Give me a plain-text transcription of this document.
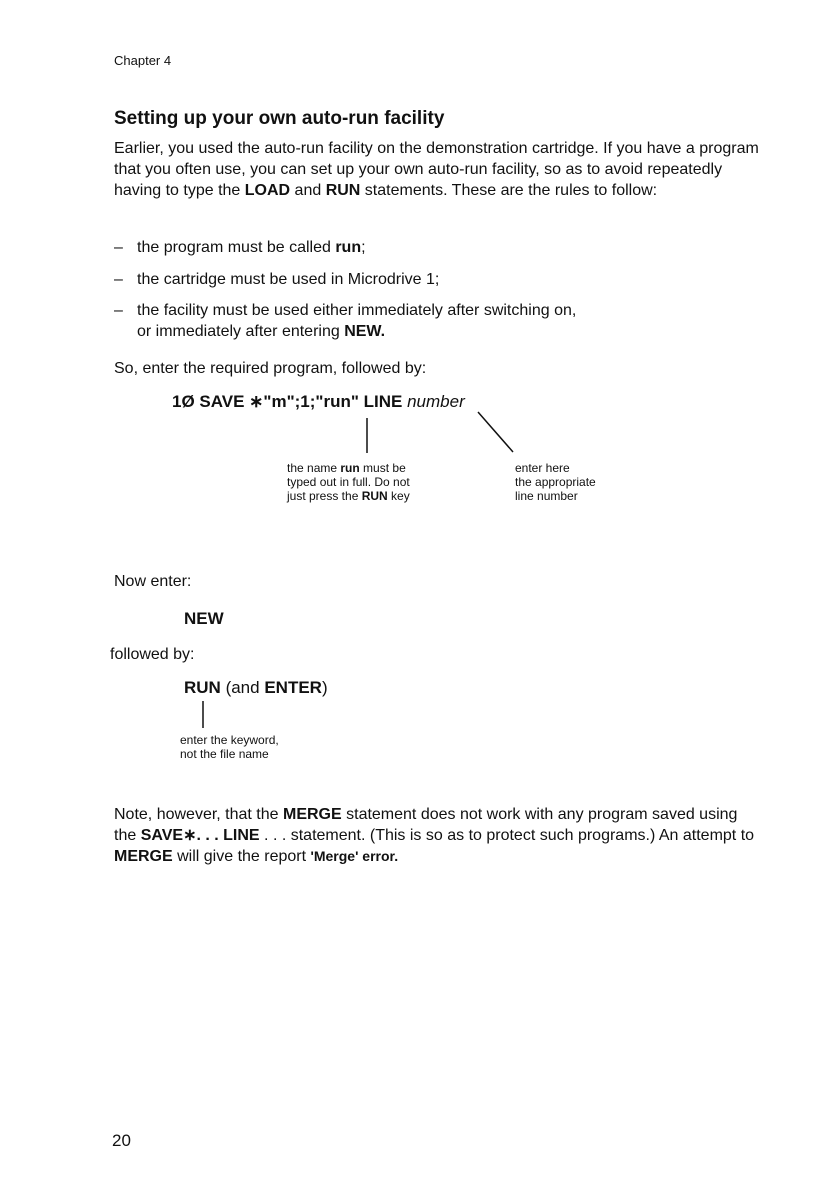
Chapter 4
Setting up your own auto-run facility

Earlier, you used the auto-run facility on the demonstration cartridge. If you have a program that you often use, you can set up your own auto-run facility, so as to avoid repeatedly having to type the LOAD and RUN statements. These are the rules to follow:

– the program must be called run;
– the cartridge must be used in Microdrive 1;
– the facility must be used either immediately after switching on,
or immediately after entering NEW.
So, enter the required program, followed by:
1Ø SAVE ∗"m";1;"run" LINE number
the name run must be
typed out in full. Do not
just press the RUN key
enter here
the appropriate
line number
Now enter:
NEW
followed by:
RUN (and ENTER)
enter the keyword,
not the file name

Note, however, that the MERGE statement does not work with any program saved using the SAVE∗. . . LINE . . . statement. (This is so as to protect such programs.) An attempt to MERGE will give the report 'Merge' error.

20
